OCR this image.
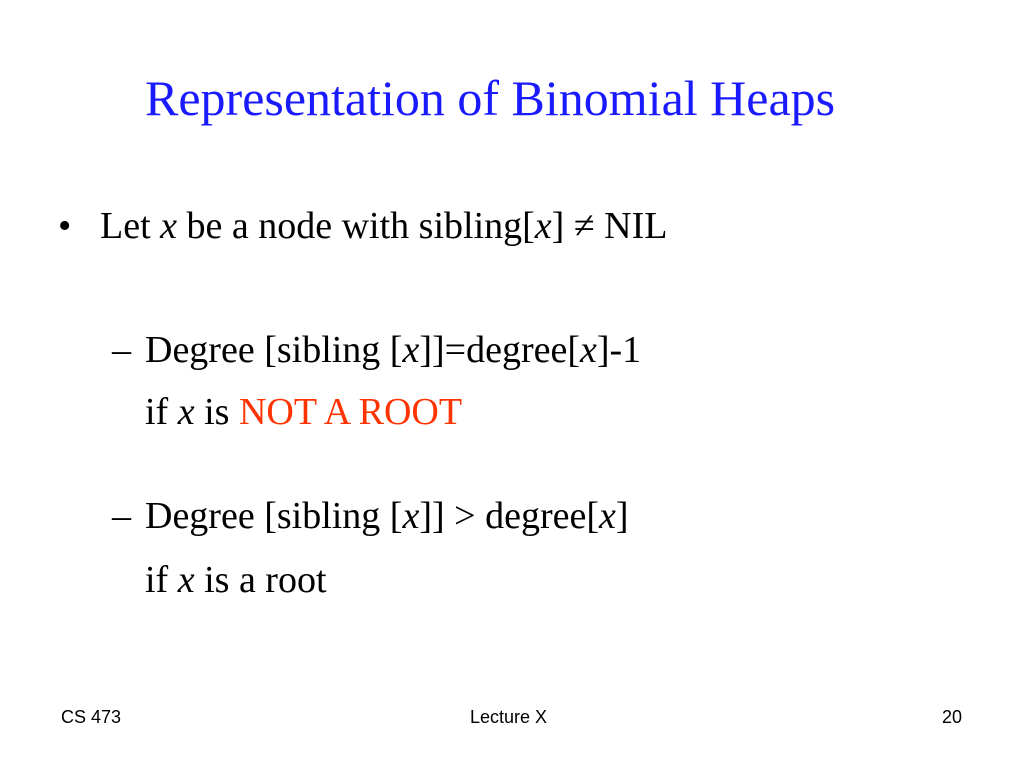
Representation of Binomial Heaps
• Let x be a node with sibling[x] ≠ NIL
– Degree [sibling [x]]=degree[x]-1
if x is NOT A ROOT
– Degree [sibling [x]] > degree[x]
if x is a root
CS 473	Lecture X	20
